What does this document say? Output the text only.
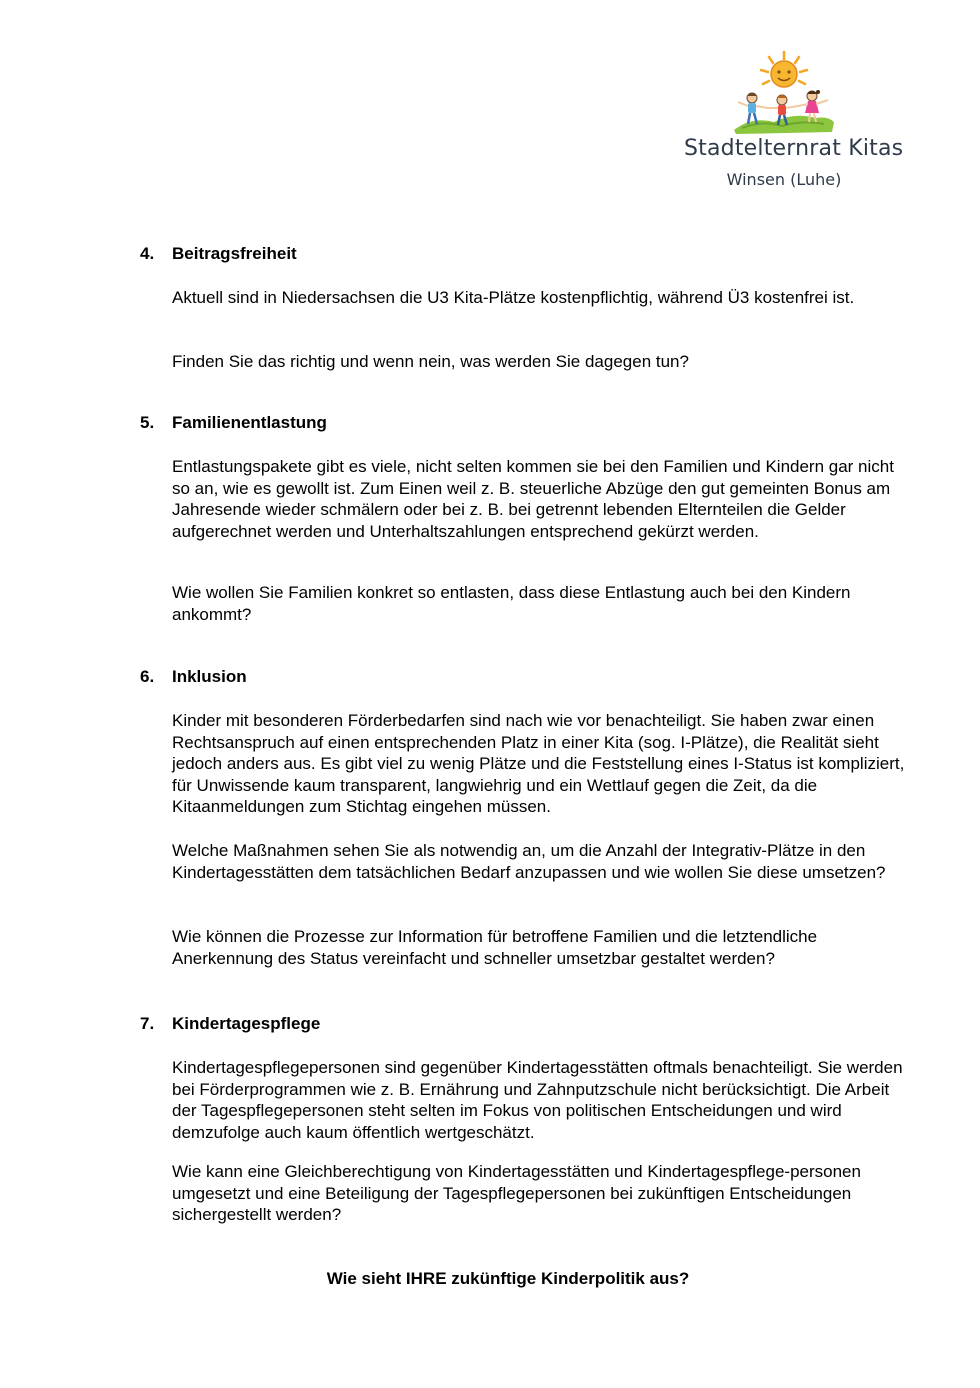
Stadtelternrat Kitas
Winsen (Luhe)
4. Beitragsfreiheit

Aktuell sind in Niedersachsen die U3 Kita-Plätze kostenpflichtig, während Ü3 kostenfrei ist.

Finden Sie das richtig und wenn nein, was werden Sie dagegen tun?

5. Familienentlastung

Entlastungspakete gibt es viele, nicht selten kommen sie bei den Familien und Kindern gar nicht so an, wie es gewollt ist. Zum Einen weil z. B. steuerliche Abzüge den gut gemeinten Bonus am Jahresende wieder schmälern oder bei z. B. bei getrennt lebenden Elternteilen die Gelder aufgerechnet werden und Unterhaltszahlungen entsprechend gekürzt werden.

Wie wollen Sie Familien konkret so entlasten, dass diese Entlastung auch bei den Kindern ankommt?

6. Inklusion

Kinder mit besonderen Förderbedarfen sind nach wie vor benachteiligt. Sie haben zwar einen Rechtsanspruch auf einen entsprechenden Platz in einer Kita (sog. I-Plätze), die Realität sieht jedoch anders aus. Es gibt viel zu wenig Plätze und die Feststellung eines I-Status ist kompliziert, für Unwissende kaum transparent, langwiehrig und ein Wettlauf gegen die Zeit, da die Kitaanmeldungen zum Stichtag eingehen müssen.

Welche Maßnahmen sehen Sie als notwendig an, um die Anzahl der Integrativ-Plätze in den Kindertagesstätten dem tatsächlichen Bedarf anzupassen und wie wollen Sie diese umsetzen?

Wie können die Prozesse zur Information für betroffene Familien und die letztendliche Anerkennung des Status vereinfacht und schneller umsetzbar gestaltet werden?

7. Kindertagespflege

Kindertagespflegepersonen sind gegenüber Kindertagesstätten oftmals benachteiligt. Sie werden bei Förderprogrammen wie z. B. Ernährung und Zahnputzschule nicht berücksichtigt. Die Arbeit der Tagespflegepersonen steht selten im Fokus von politischen Entscheidungen und wird demzufolge auch kaum öffentlich wertgeschätzt.

Wie kann eine Gleichberechtigung von Kindertagesstätten und Kindertagespflege-personen umgesetzt und eine Beteiligung der Tagespflegepersonen bei zukünftigen Entscheidungen sichergestellt werden?

Wie sieht IHRE zukünftige Kinderpolitik aus?
